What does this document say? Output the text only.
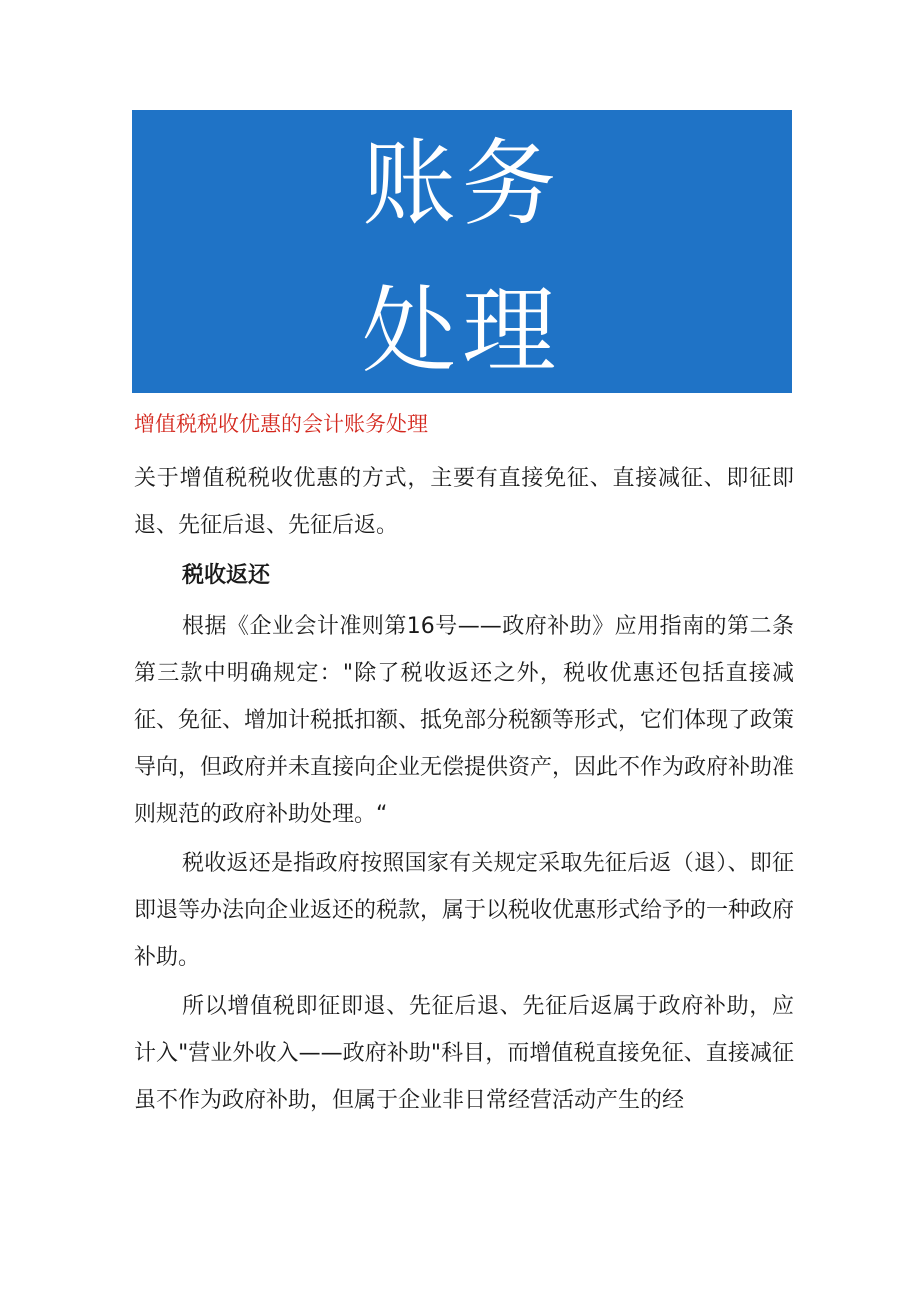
账务
处理
增值税税收优惠的会计账务处理

关于增值税税收优惠的方式，主要有直接免征、直接减征、即征即退、先征后退、先征后返。

税收返还

根据《企业会计准则第16号——政府补助》应用指南的第二条第三款中明确规定："除了税收返还之外，税收优惠还包括直接减征、免征、增加计税抵扣额、抵免部分税额等形式，它们体现了政策导向，但政府并未直接向企业无偿提供资产，因此不作为政府补助准则规范的政府补助处理。“

税收返还是指政府按照国家有关规定采取先征后返（退）、即征即退等办法向企业返还的税款，属于以税收优惠形式给予的一种政府补助。

所以增值税即征即退、先征后退、先征后返属于政府补助，应计入"营业外收入——政府补助"科目，而增值税直接免征、直接减征虽不作为政府补助，但属于企业非日常经营活动产生的经
